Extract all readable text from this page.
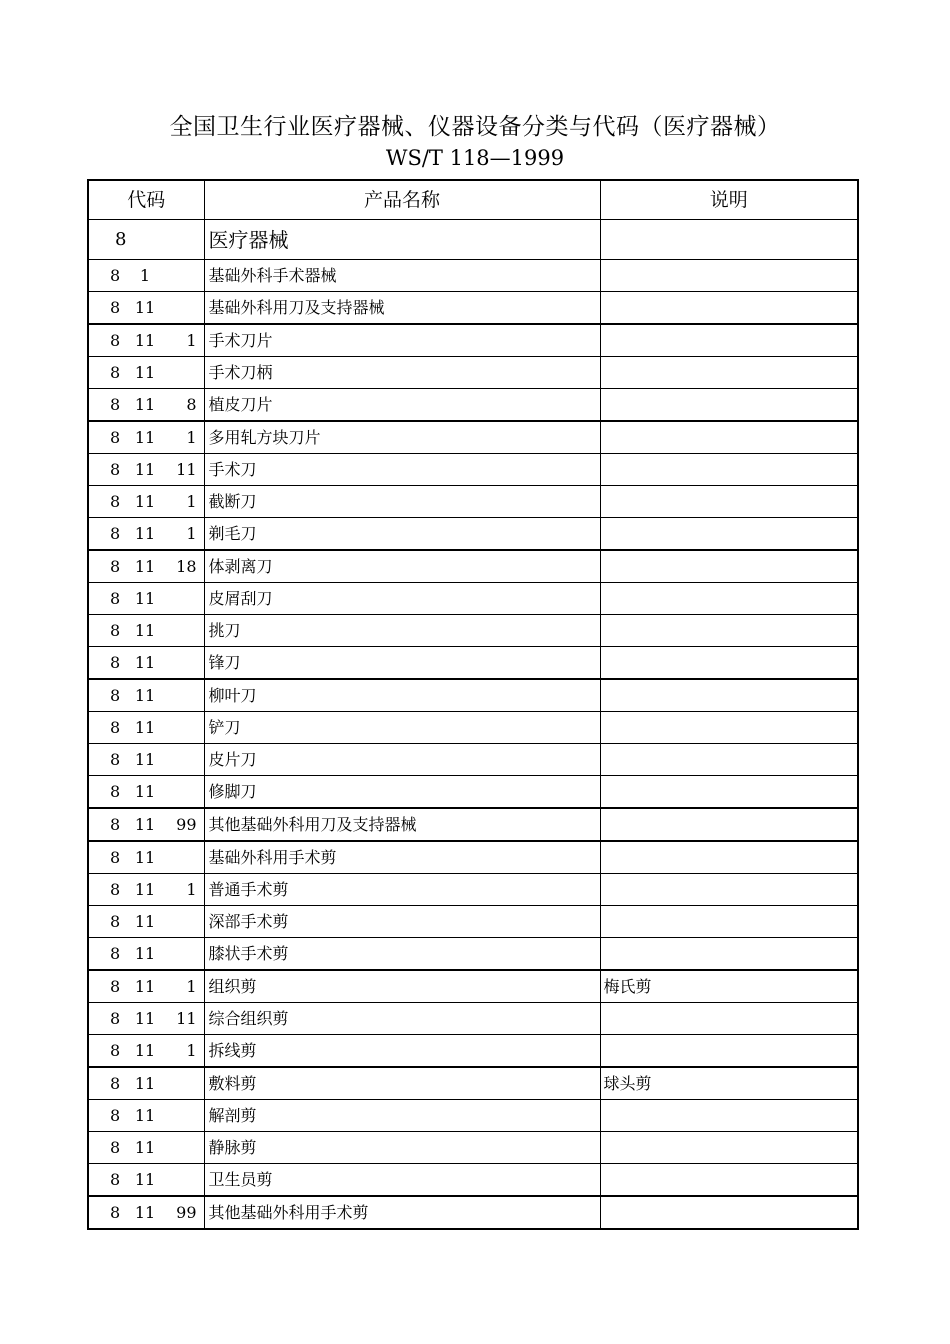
全国卫生行业医疗器械、仪器设备分类与代码（医疗器械）
WS/T 118—1999
代码	产品名称	说明

8	医疗器械	

8 1	基础外科手术器械	

8 11	基础外科用刀及支持器械	

8 11 1	手术刀片	

8 11	手术刀柄	

8 11 8	植皮刀片	

8 11 1	多用轧方块刀片	

8 11 11	手术刀	

8 11 1	截断刀	

8 11 1	剃毛刀	

8 11 18	体剥离刀	

8 11	皮屑刮刀	

8 11	挑刀	

8 11	锋刀	

8 11	柳叶刀	

8 11	铲刀	

8 11	皮片刀	

8 11	修脚刀	

8 11 99	其他基础外科用刀及支持器械	

8 11	基础外科用手术剪	

8 11 1	普通手术剪	

8 11	深部手术剪	

8 11	膝状手术剪	

8 11 1	组织剪	梅氏剪

8 11 11	综合组织剪	

8 11 1	拆线剪	

8 11	敷料剪	球头剪

8 11	解剖剪	

8 11	静脉剪	

8 11	卫生员剪	

8 11 99	其他基础外科用手术剪	
